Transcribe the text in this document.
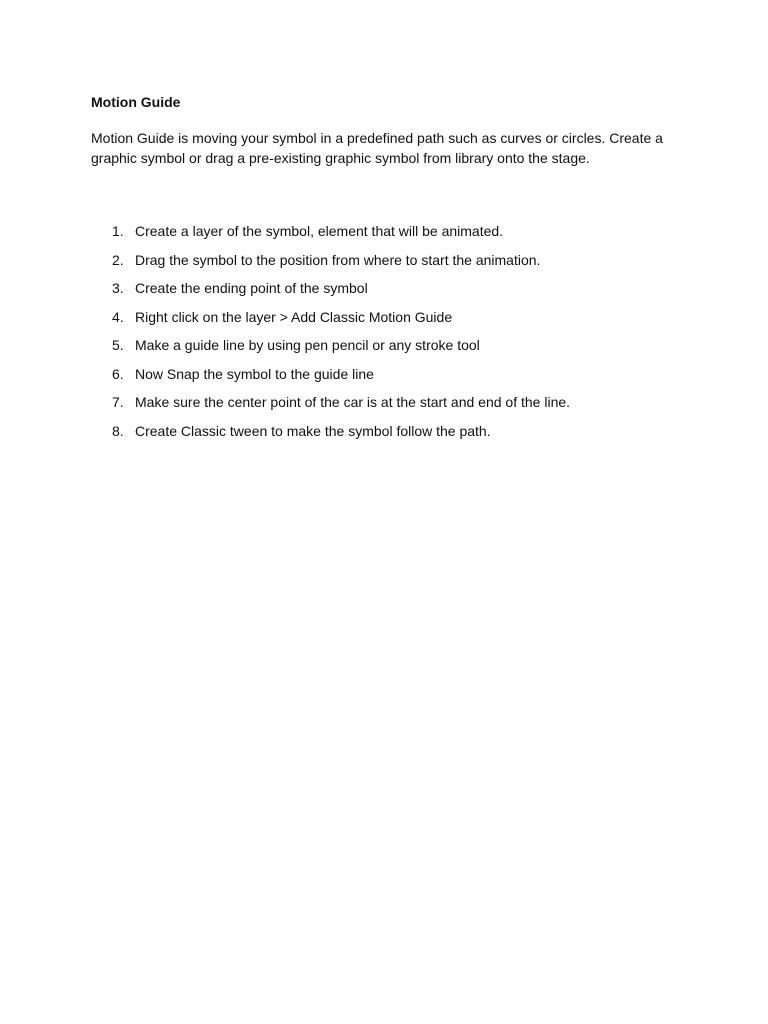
Motion Guide

Motion Guide is moving your symbol in a predefined path such as curves or circles. Create a graphic symbol or drag a pre-existing graphic symbol from library onto the stage.

1. Create a layer of the symbol, element that will be animated.
2. Drag the symbol to the position from where to start the animation.
3. Create the ending point of the symbol
4. Right click on the layer > Add Classic Motion Guide
5. Make a guide line by using pen pencil or any stroke tool
6. Now Snap the symbol to the guide line
7. Make sure the center point of the car is at the start and end of the line.
8. Create Classic tween to make the symbol follow the path.
